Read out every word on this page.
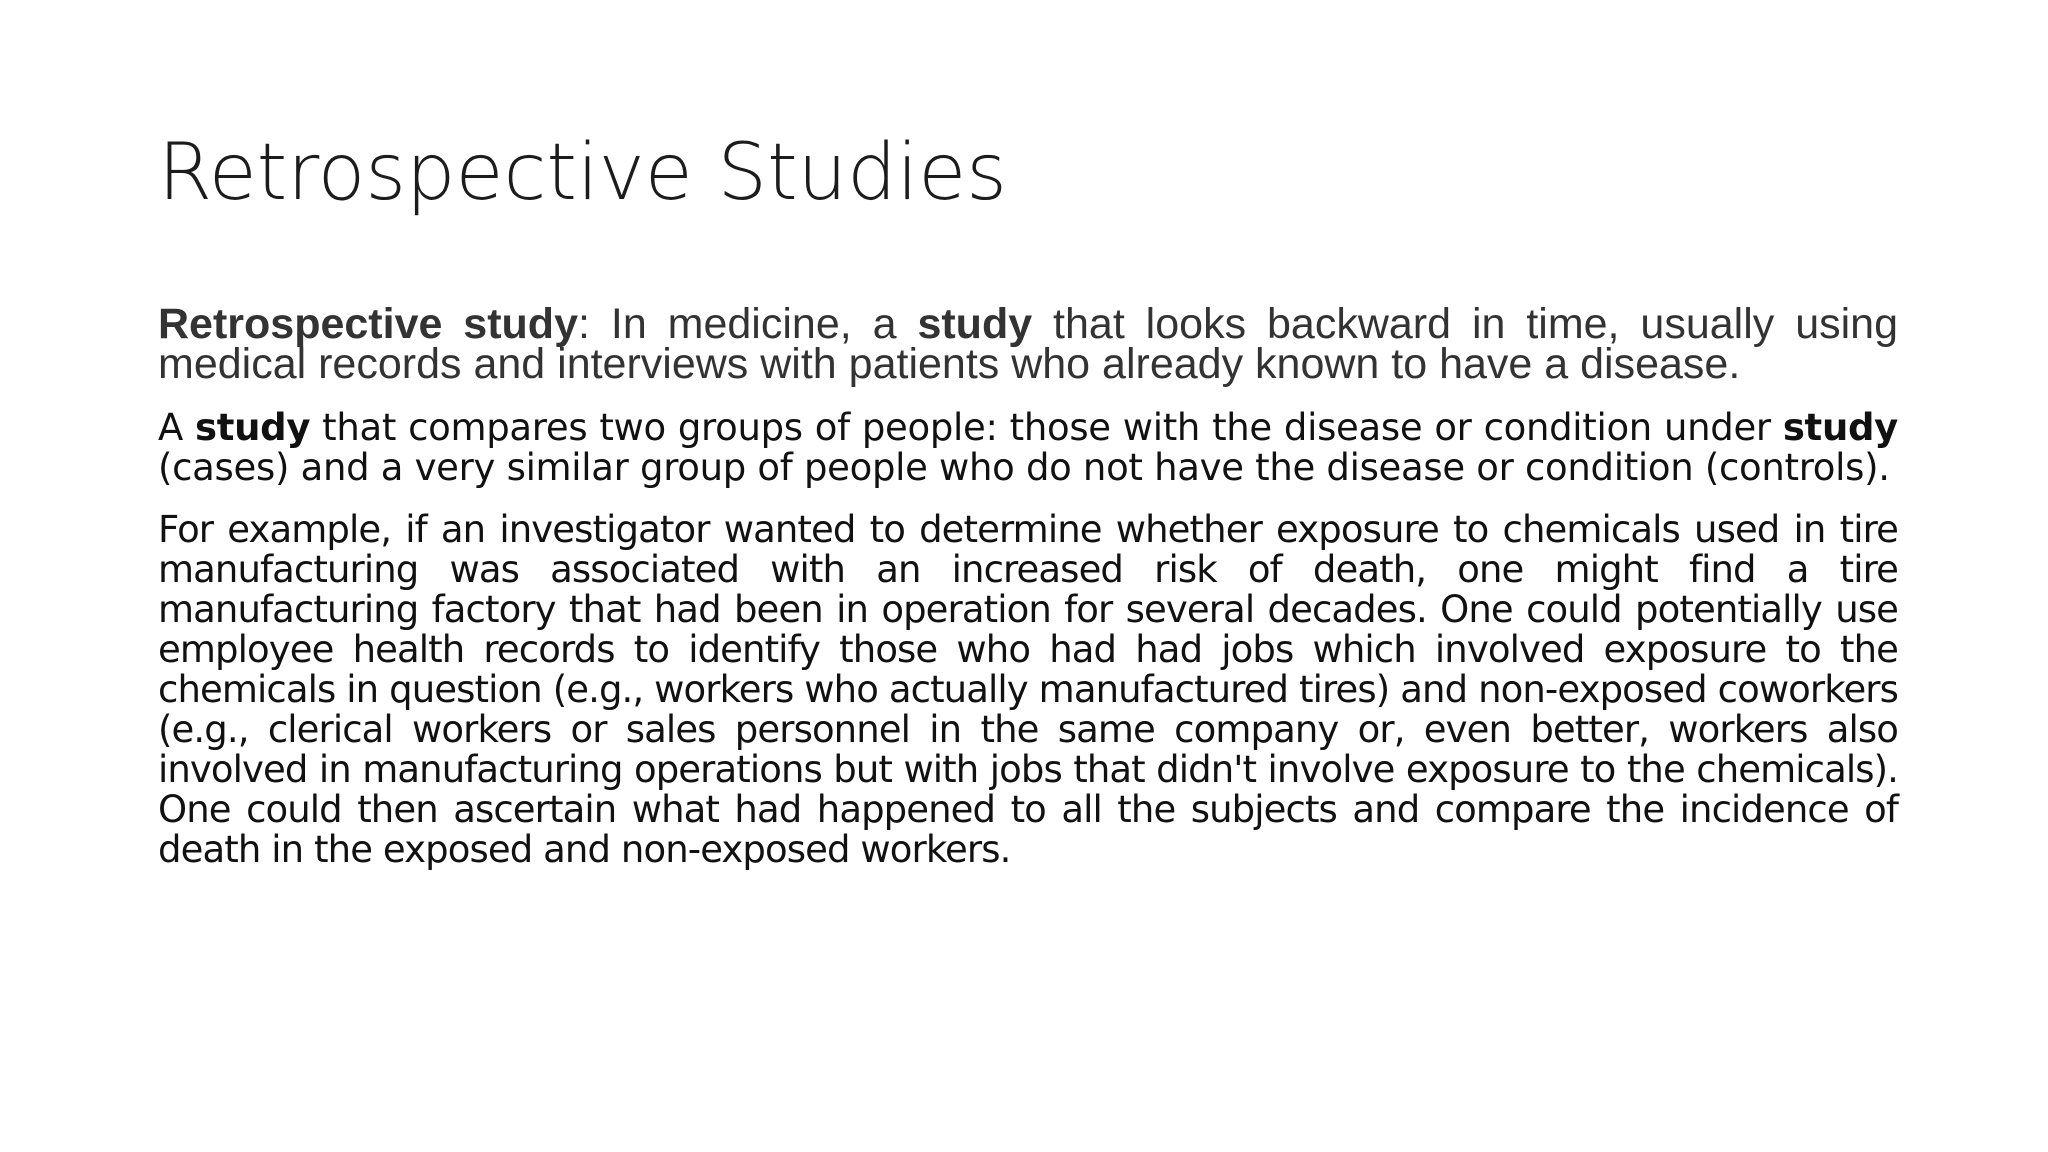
Retrospective Studies

Retrospective study: In medicine, a study that looks backward in time, usually using medical records and interviews with patients who already known to have a disease.

A study that compares two groups of people: those with the disease or condition under study (cases) and a very similar group of people who do not have the disease or condition (controls).

For example, if an investigator wanted to determine whether exposure to chemicals used in tire manufacturing was associated with an increased risk of death, one might find a tire manufacturing factory that had been in operation for several decades. One could potentially use employee health records to identify those who had had jobs which involved exposure to the chemicals in question (e.g., workers who actually manufactured tires) and non-exposed coworkers (e.g., clerical workers or sales personnel in the same company or, even better, workers also involved in manufacturing operations but with jobs that didn't involve exposure to the chemicals). One could then ascertain what had happened to all the subjects and compare the incidence of death in the exposed and non-exposed workers.
